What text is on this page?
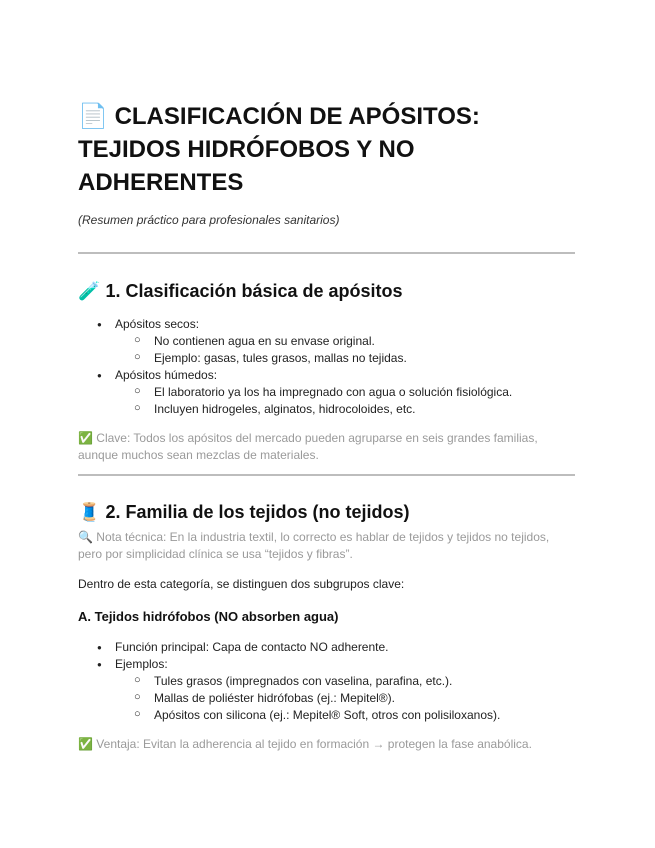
📄 CLASIFICACIÓN DE APÓSITOS: TEJIDOS HIDRÓFOBOS Y NO ADHERENTES

(Resumen práctico para profesionales sanitarios)

🧪 1. Clasificación básica de apósitos
● Apósitos secos:
○ No contienen agua en su envase original.
○ Ejemplo: gasas, tules grasos, mallas no tejidas.
● Apósitos húmedos:
○ El laboratorio ya los ha impregnado con agua o solución fisiológica.
○ Incluyen hidrogeles, alginatos, hidrocoloides, etc.

✅ Clave: Todos los apósitos del mercado pueden agruparse en seis grandes familias, aunque muchos sean mezclas de materiales.

🧵 2. Familia de los tejidos (no tejidos)

🔍 Nota técnica: En la industria textil, lo correcto es hablar de tejidos y tejidos no tejidos, pero por simplicidad clínica se usa “tejidos y fibras”.

Dentro de esta categoría, se distinguen dos subgrupos clave:

A. Tejidos hidrófobos (NO absorben agua)
● Función principal: Capa de contacto NO adherente.
● Ejemplos:
○ Tules grasos (impregnados con vaselina, parafina, etc.).
○ Mallas de poliéster hidrófobas (ej.: Mepitel®).
○ Apósitos con silicona (ej.: Mepitel® Soft, otros con polisiloxanos).

✅ Ventaja: Evitan la adherencia al tejido en formación → protegen la fase anabólica.
